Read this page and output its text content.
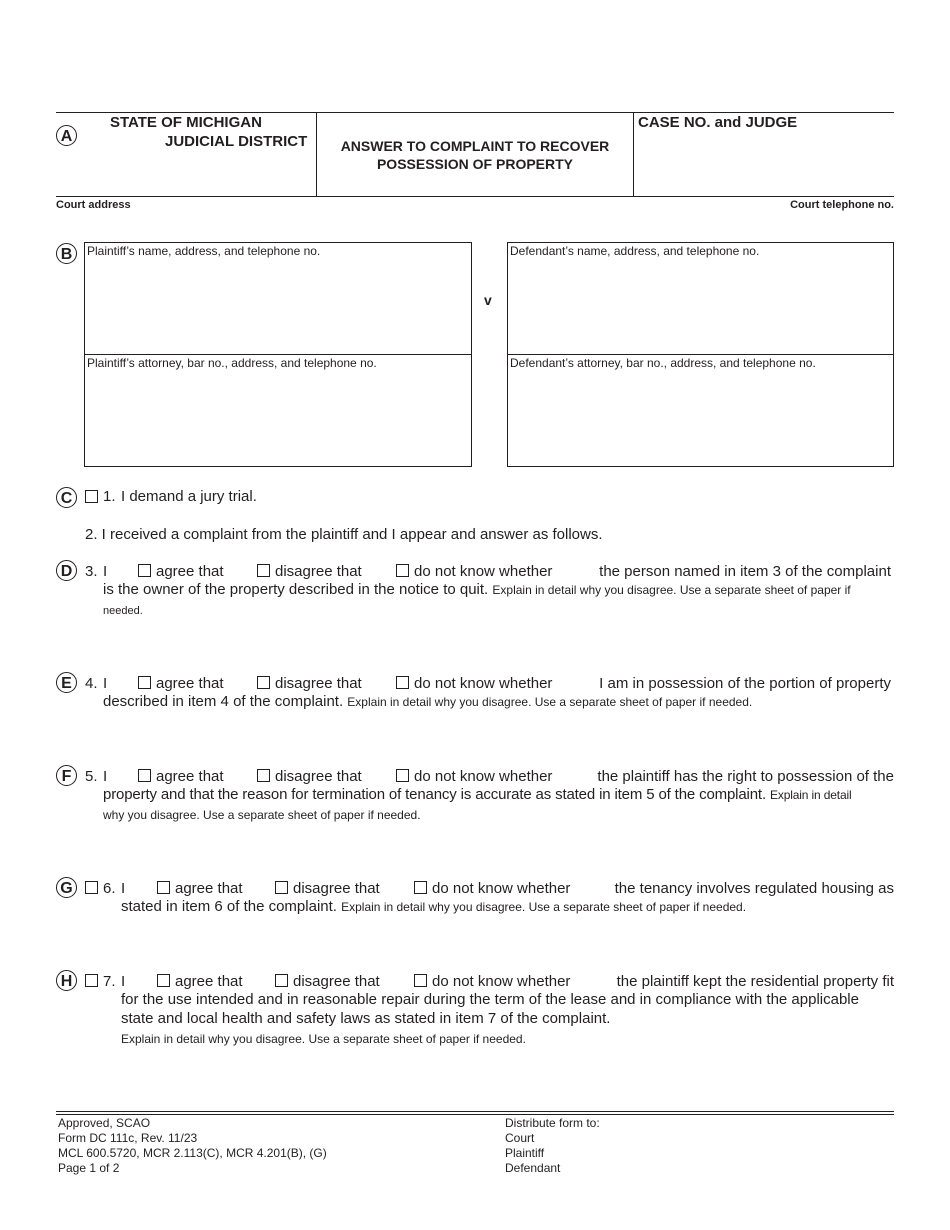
A
STATE OF MICHIGAN
JUDICIAL DISTRICT	ANSWER TO COMPLAINT TO RECOVER
POSSESSION OF PROPERTY
CASE NO. and JUDGE
Court address	Court telephone no.
B	Plaintiff’s name, address, and telephone no.
Plaintiff’s attorney, bar no., address, and telephone no.
v
Defendant’s name, address, and telephone no.
Defendant’s attorney, bar no., address, and telephone no.
C	1. I demand a jury trial.
2. I received a complaint from the plaintiff and I appear and answer as follows.
D 3. I	agree that	disagree that	do not know whether	the person named in item 3 of the complaint
is the owner of the property described in the notice to quit. Explain in detail why you disagree. Use a separate sheet of paper if
needed.
E 4. I	agree that	disagree that	do not know whether	I am in possession of the portion of property
described in item 4 of the complaint. Explain in detail why you disagree. Use a separate sheet of paper if needed.
F 5. I	agree that	disagree that	do not know whether	the plaintiff has the right to possession of the
property and that the reason for termination of tenancy is accurate as stated in item 5 of the complaint. Explain in detail
why you disagree. Use a separate sheet of paper if needed.
G 6. I	agree that	disagree that	do not know whether	the tenancy involves regulated housing as
stated in item 6 of the complaint. Explain in detail why you disagree. Use a separate sheet of paper if needed.
H	7. I	agree that	disagree that	do not know whether	the plaintiff kept the residential property fit
for the use intended and in reasonable repair during the term of the lease and in compliance with the applicable
state and local health and safety laws as stated in item 7 of the complaint.
Explain in detail why you disagree. Use a separate sheet of paper if needed.
Approved, SCAO
Form DC 111c, Rev. 11/23
MCL 600.5720, MCR 2.113(C), MCR 4.201(B), (G)
Page 1 of 2
Distribute form to:
Court
Plaintiff
Defendant
